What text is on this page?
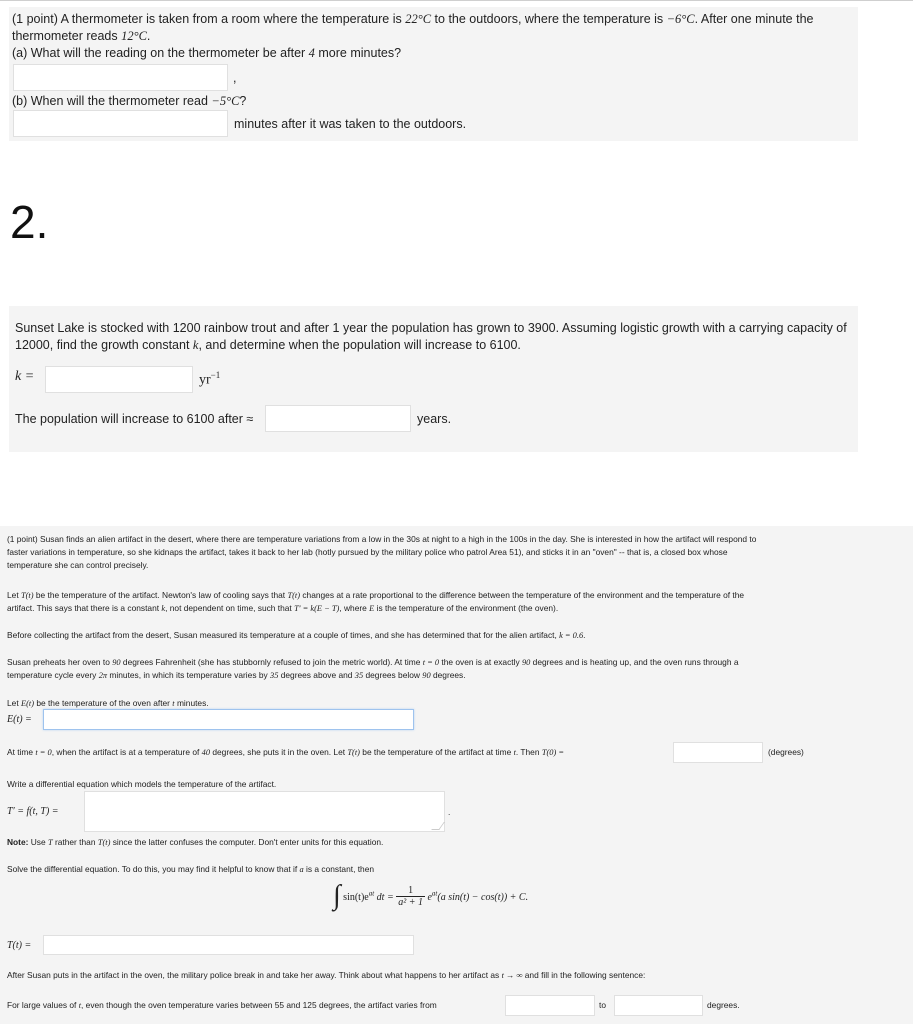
(1 point) A thermometer is taken from a room where the temperature is 22°C to the outdoors, where the temperature is −6°C. After one minute the
thermometer reads 12°C.
(a) What will the reading on the thermometer be after 4 more minutes?
,
(b) When will the thermometer read −5°C?
minutes after it was taken to the outdoors.
2.
Sunset Lake is stocked with 1200 rainbow trout and after 1 year the population has grown to 3900. Assuming logistic growth with a carrying capacity of
12000, find the growth constant k, and determine when the population will increase to 6100.
k =	$yr^{-1}$
The population will increase to 6100 after ≈	years.
(1 point) Susan finds an alien artifact in the desert, where there are temperature variations from a low in the 30s at night to a high in the 100s in the day. She is interested in how the artifact will respond to
faster variations in temperature, so she kidnaps the artifact, takes it back to her lab (hotly pursued by the military police who patrol Area 51), and sticks it in an "oven" -- that is, a closed box whose
temperature she can control precisely.
Let T(t) be the temperature of the artifact. Newton's law of cooling says that T(t) changes at a rate proportional to the difference between the temperature of the environment and the temperature of the
artifact. This says that there is a constant k, not dependent on time, such that T′ = k(E − T), where E is the temperature of the environment (the oven).
Before collecting the artifact from the desert, Susan measured its temperature at a couple of times, and she has determined that for the alien artifact, k = 0.6.
Susan preheats her oven to 90 degrees Fahrenheit (she has stubbornly refused to join the metric world). At time t = 0 the oven is at exactly 90 degrees and is heating up, and the oven runs through a
temperature cycle every 2π minutes, in which its temperature varies by 35 degrees above and 35 degrees below 90 degrees.
Let E(t) be the temperature of the oven after t minutes.
E(t) =
At time t = 0, when the artifact is at a temperature of 40 degrees, she puts it in the oven. Let T(t) be the temperature of the artifact at time t. Then T(0) =	(degrees)
Write a differential equation which models the temperature of the artifact.
T′ = f(t, T) =	.
Note: Use T rather than T(t) since the latter confuses the computer. Don't enter units for this equation.
Solve the differential equation. To do this, you may find it helpful to know that if a is a constant, then
∫ $\sin(t)e^{at}$ dt = $\frac{1}{\text{a² + 1}} e^{at}(a$ sin(t) − cos(t)) + C.
T(t) =
After Susan puts in the artifact in the oven, the military police break in and take her away. Think about what happens to her artifact as t → ∞ and fill in the following sentence:
For large values of t, even though the oven temperature varies between 55 and 125 degrees, the artifact varies from	to	degrees.
